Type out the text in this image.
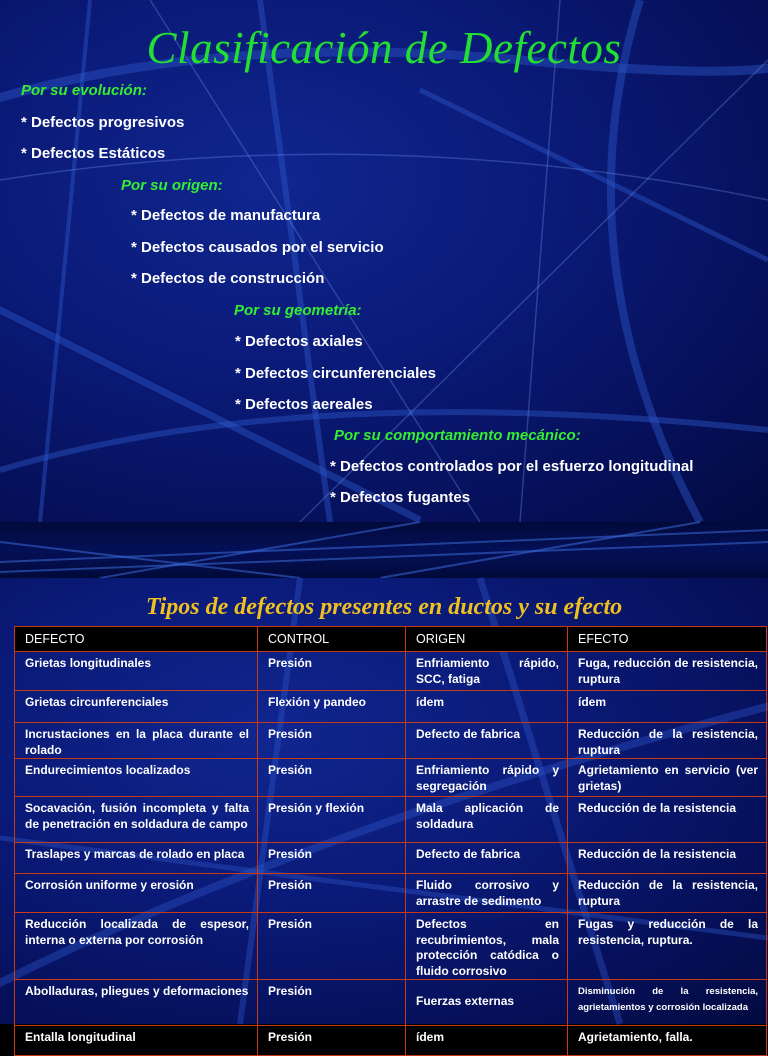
Clasificación de Defectos
Por su evolución:
* Defectos progresivos
* Defectos Estáticos
Por su origen:
* Defectos de manufactura
* Defectos causados por el servicio
* Defectos de construcción
Por su geometría:
* Defectos axiales
* Defectos circunferenciales
* Defectos aereales
Por su comportamiento mecánico:
* Defectos controlados por el esfuerzo longitudinal
* Defectos fugantes
Tipos de defectos presentes en ductos y su efecto
DEFECTO	CONTROL	ORIGEN	EFECTO
Grietas longitudinales	Presión	Enfriamiento rápido, SCC, fatiga	Fuga, reducción de resistencia, ruptura
Grietas circunferenciales	Flexión y pandeo	ídem	ídem
Incrustaciones en la placa durante el rolado	Presión	Defecto de fabrica	Reducción de la resistencia, ruptura
Endurecimientos localizados	Presión	Enfriamiento rápido y segregación	Agrietamiento en servicio (ver grietas)
Socavación, fusión incompleta y falta de penetración en soldadura de campo	Presión y flexión	Mala aplicación de soldadura	Reducción de la resistencia
Traslapes y marcas de rolado en placa	Presión	Defecto de fabrica	Reducción de la resistencia
Corrosión uniforme y erosión	Presión	Fluido corrosivo y arrastre de sedimento	Reducción de la resistencia, ruptura
Reducción localizada de espesor, interna o externa por corrosión	Presión	Defectos en recubrimientos, mala protección catódica o fluido corrosivo	Fugas y reducción de la resistencia, ruptura.
Abolladuras, pliegues y deformaciones	Presión	Fuerzas externas	Disminución de la resistencia, agrietamientos y corrosión localizada
Entalla longitudinal	Presión	ídem	Agrietamiento, falla.
